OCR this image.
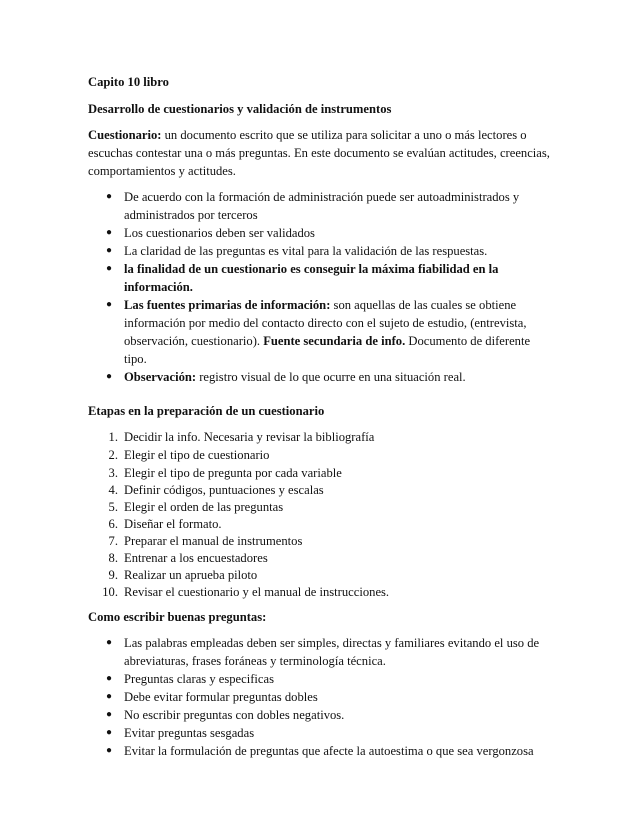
Capito 10 libro

Desarrollo de cuestionarios y validación de instrumentos

Cuestionario: un documento escrito que se utiliza para solicitar a uno o más lectores o
escuchas contestar una o más preguntas. En este documento se evalúan actitudes, creencias,
comportamientos y actitudes.

● De acuerdo con la formación de administración puede ser autoadministrados y
administrados por terceros
● Los cuestionarios deben ser validados
● La claridad de las preguntas es vital para la validación de las respuestas.
● la finalidad de un cuestionario es conseguir la máxima fiabilidad en la
información.
● Las fuentes primarias de información: son aquellas de las cuales se obtiene
información por medio del contacto directo con el sujeto de estudio, (entrevista,
observación, cuestionario). Fuente secundaria de info. Documento de diferente
tipo.
● Observación: registro visual de lo que ocurre en una situación real.

Etapas en la preparación de un cuestionario

1. Decidir la info. Necesaria y revisar la bibliografía
2. Elegir el tipo de cuestionario
3. Elegir el tipo de pregunta por cada variable
4. Definir códigos, puntuaciones y escalas
5. Elegir el orden de las preguntas
6. Diseñar el formato.
7. Preparar el manual de instrumentos
8. Entrenar a los encuestadores
9. Realizar un aprueba piloto
10. Revisar el cuestionario y el manual de instrucciones.

Como escribir buenas preguntas:

● Las palabras empleadas deben ser simples, directas y familiares evitando el uso de
abreviaturas, frases foráneas y terminología técnica.
● Preguntas claras y especificas
● Debe evitar formular preguntas dobles
● No escribir preguntas con dobles negativos.
● Evitar preguntas sesgadas
● Evitar la formulación de preguntas que afecte la autoestima o que sea vergonzosa
